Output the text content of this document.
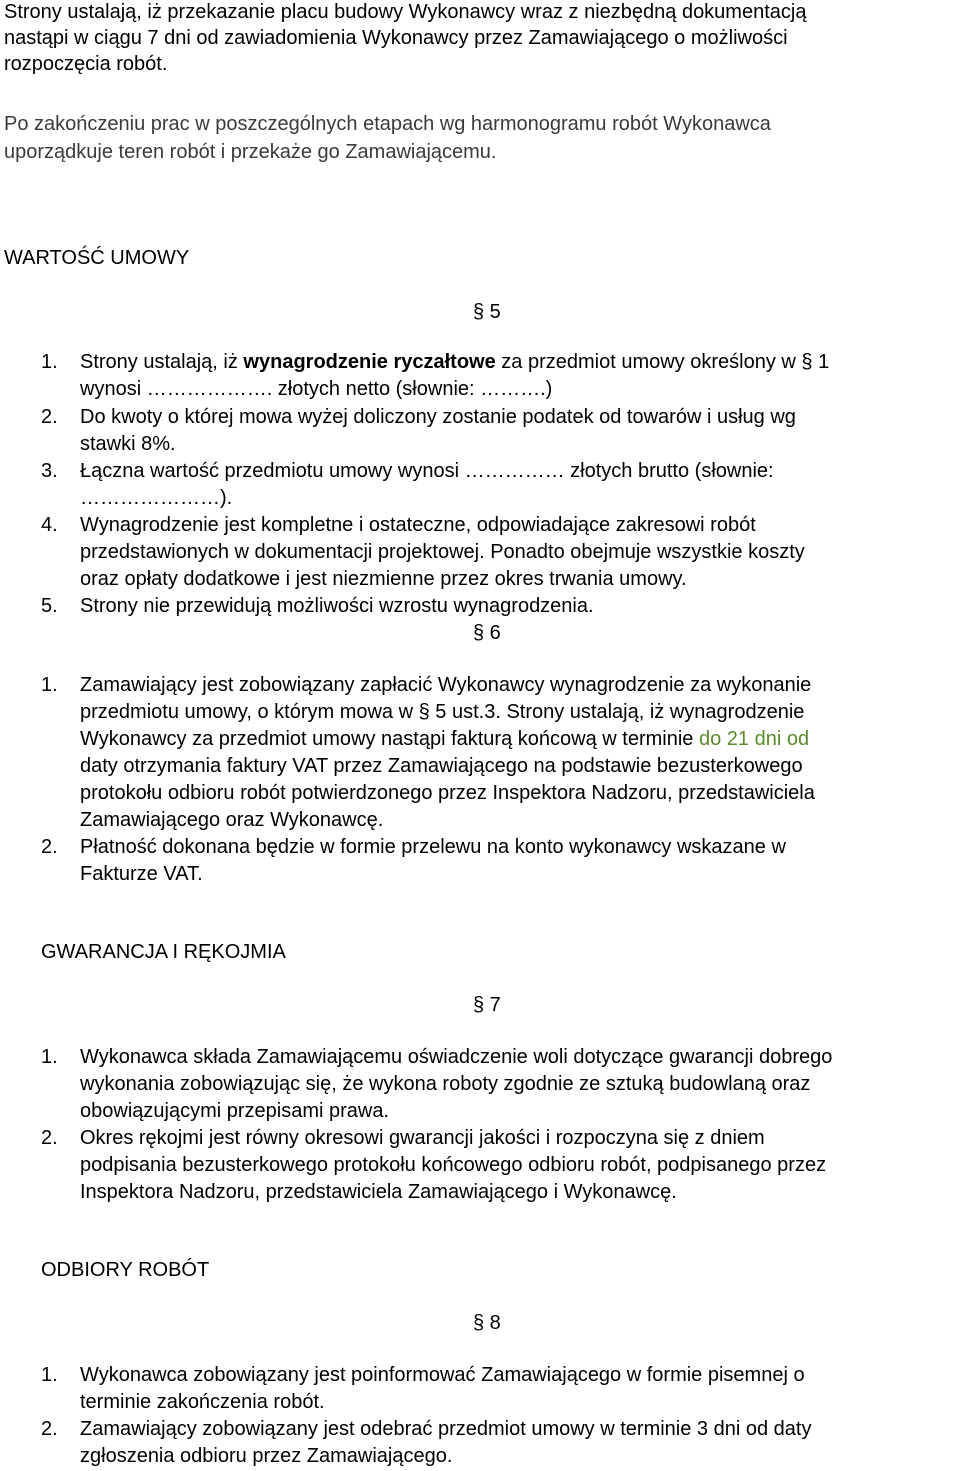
Strony ustalają, iż przekazanie placu budowy Wykonawcy wraz z niezbędną dokumentacją
nastąpi w ciągu 7 dni od zawiadomienia Wykonawcy przez Zamawiającego o możliwości
rozpoczęcia robót.
Po zakończeniu prac w poszczególnych etapach wg harmonogramu robót Wykonawca
uporządkuje teren robót i przekaże go Zamawiającemu.
WARTOŚĆ UMOWY
§ 5
1. Strony ustalają, iż wynagrodzenie ryczałtowe za przedmiot umowy określony w § 1
wynosi ………………. złotych netto (słownie: ……….)
2. Do kwoty o której mowa wyżej doliczony zostanie podatek od towarów i usług wg
stawki 8%.
3. Łączna wartość przedmiotu umowy wynosi …………… złotych brutto (słownie:
…………………).
4. Wynagrodzenie jest kompletne i ostateczne, odpowiadające zakresowi robót
przedstawionych w dokumentacji projektowej. Ponadto obejmuje wszystkie koszty
oraz opłaty dodatkowe i jest niezmienne przez okres trwania umowy.
5. Strony nie przewidują możliwości wzrostu wynagrodzenia.
§ 6
1. Zamawiający jest zobowiązany zapłacić Wykonawcy wynagrodzenie za wykonanie
przedmiotu umowy, o którym mowa w § 5 ust.3. Strony ustalają, iż wynagrodzenie
Wykonawcy za przedmiot umowy nastąpi fakturą końcową w terminie do 21 dni od
daty otrzymania faktury VAT przez Zamawiającego na podstawie bezusterkowego
protokołu odbioru robót potwierdzonego przez Inspektora Nadzoru, przedstawiciela
Zamawiającego oraz Wykonawcę.
2. Płatność dokonana będzie w formie przelewu na konto wykonawcy wskazane w
Fakturze VAT.
GWARANCJA I RĘKOJMIA
§ 7
1. Wykonawca składa Zamawiającemu oświadczenie woli dotyczące gwarancji dobrego
wykonania zobowiązując się, że wykona roboty zgodnie ze sztuką budowlaną oraz
obowiązującymi przepisami prawa.
2. Okres rękojmi jest równy okresowi gwarancji jakości i rozpoczyna się z dniem
podpisania bezusterkowego protokołu końcowego odbioru robót, podpisanego przez
Inspektora Nadzoru, przedstawiciela Zamawiającego i Wykonawcę.
ODBIORY ROBÓT
§ 8
1. Wykonawca zobowiązany jest poinformować Zamawiającego w formie pisemnej o
terminie zakończenia robót.
2. Zamawiający zobowiązany jest odebrać przedmiot umowy w terminie 3 dni od daty
zgłoszenia odbioru przez Zamawiającego.
